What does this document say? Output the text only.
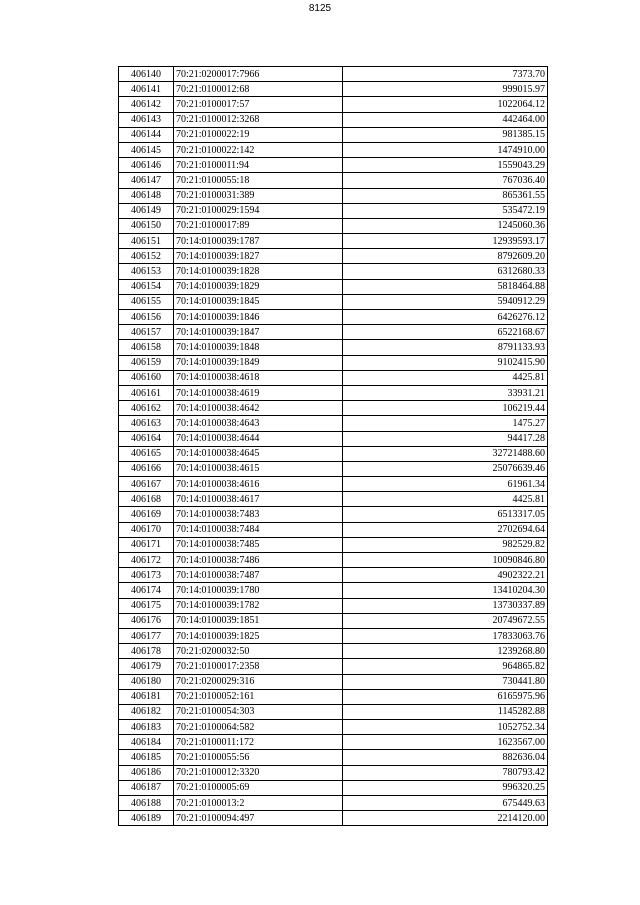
8125
406140	70:21:0200017:7966	7373.70
406141	70:21:0100012:68	999015.97
406142	70:21:0100017:57	1022064.12
406143	70:21:0100012:3268	442464.00
406144	70:21:0100022:19	981385.15
406145	70:21:0100022:142	1474910.00
406146	70:21:0100011:94	1559043.29
406147	70:21:0100055:18	767036.40
406148	70:21:0100031:389	865361.55
406149	70:21:0100029:1594	535472.19
406150	70:21:0100017:89	1245060.36
406151	70:14:0100039:1787	12939593.17
406152	70:14:0100039:1827	8792609.20
406153	70:14:0100039:1828	6312680.33
406154	70:14:0100039:1829	5818464.88
406155	70:14:0100039:1845	5940912.29
406156	70:14:0100039:1846	6426276.12
406157	70:14:0100039:1847	6522168.67
406158	70:14:0100039:1848	8791133.93
406159	70:14:0100039:1849	9102415.90
406160	70:14:0100038:4618	4425.81
406161	70:14:0100038:4619	33931.21
406162	70:14:0100038:4642	106219.44
406163	70:14:0100038:4643	1475.27
406164	70:14:0100038:4644	94417.28
406165	70:14:0100038:4645	32721488.60
406166	70:14:0100038:4615	25076639.46
406167	70:14:0100038:4616	61961.34
406168	70:14:0100038:4617	4425.81
406169	70:14:0100038:7483	6513317.05
406170	70:14:0100038:7484	2702694.64
406171	70:14:0100038:7485	982529.82
406172	70:14:0100038:7486	10090846.80
406173	70:14:0100038:7487	4902322.21
406174	70:14:0100039:1780	13410204.30
406175	70:14:0100039:1782	13730337.89
406176	70:14:0100039:1851	20749672.55
406177	70:14:0100039:1825	17833063.76
406178	70:21:0200032:50	1239268.80
406179	70:21:0100017:2358	964865.82
406180	70:21:0200029:316	730441.80
406181	70:21:0100052:161	6165975.96
406182	70:21:0100054:303	1145282.88
406183	70:21:0100064:582	1052752.34
406184	70:21:0100011:172	1623567.00
406185	70:21:0100055:56	882636.04
406186	70:21:0100012:3320	780793.42
406187	70:21:0100005:69	996320.25
406188	70:21:0100013:2	675449.63
406189	70:21:0100094:497	2214120.00
